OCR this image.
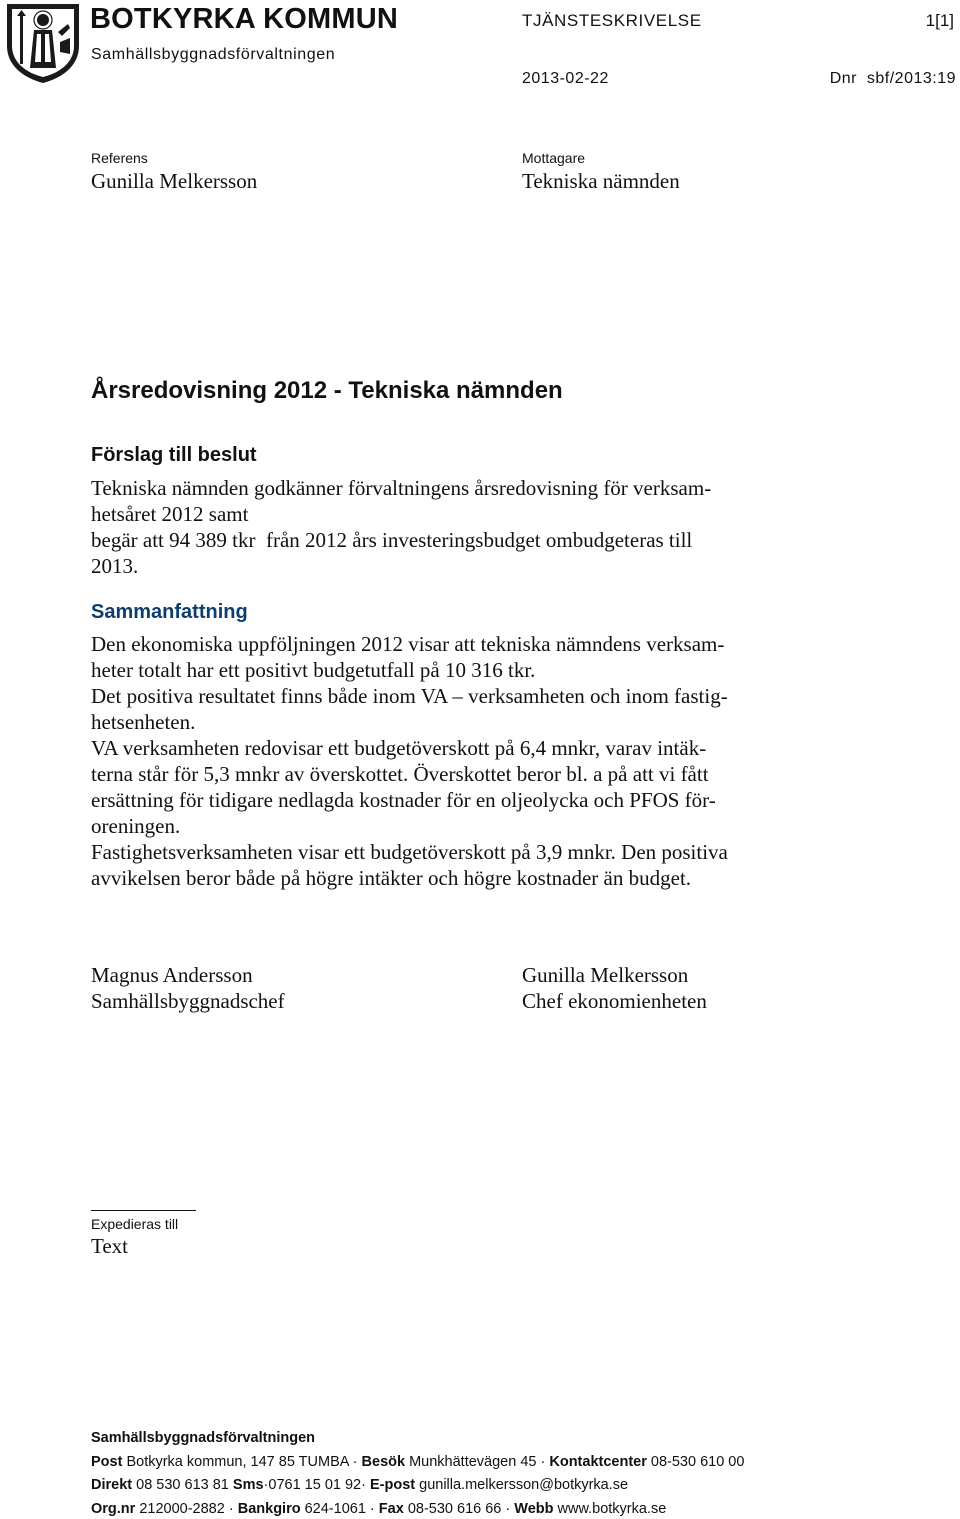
BOTKYRKA KOMMUN
Samhällsbyggnadsförvaltningen
TJÄNSTESKRIVELSE	1[1]
2013-02-22	Dnr  sbf/2013:19
Referens
Gunilla Melkersson
Mottagare
Tekniska nämnden
Årsredovisning 2012 - Tekniska nämnden
Förslag till beslut
Tekniska nämnden godkänner förvaltningens årsredovisning för verksam-
hetsåret 2012 samt
begär att 94 389 tkr  från 2012 års investeringsbudget ombudgeteras till
2013.
Sammanfattning
Den ekonomiska uppföljningen 2012 visar att tekniska nämndens verksam-
heter totalt har ett positivt budgetutfall på 10 316 tkr.
Det positiva resultatet finns både inom VA – verksamheten och inom fastig-
hetsenheten.
VA verksamheten redovisar ett budgetöverskott på 6,4 mnkr, varav intäk-
terna står för 5,3 mnkr av överskottet. Överskottet beror bl. a på att vi fått
ersättning för tidigare nedlagda kostnader för en oljeolycka och PFOS för-
oreningen.
Fastighetsverksamheten visar ett budgetöverskott på 3,9 mnkr. Den positiva
avvikelsen beror både på högre intäkter och högre kostnader än budget.
Magnus Andersson
Samhällsbyggnadschef
Gunilla Melkersson
Chef ekonomienheten
Expedieras till
Text
Samhällsbyggnadsförvaltningen
Post Botkyrka kommun, 147 85 TUMBA · Besök Munkhättevägen 45 · Kontaktcenter 08-530 610 00
Direkt 08 530 613 81 Sms·0761 15 01 92· E-post gunilla.melkersson@botkyrka.se
Org.nr 212000-2882 · Bankgiro 624-1061 · Fax 08-530 616 66 · Webb www.botkyrka.se
